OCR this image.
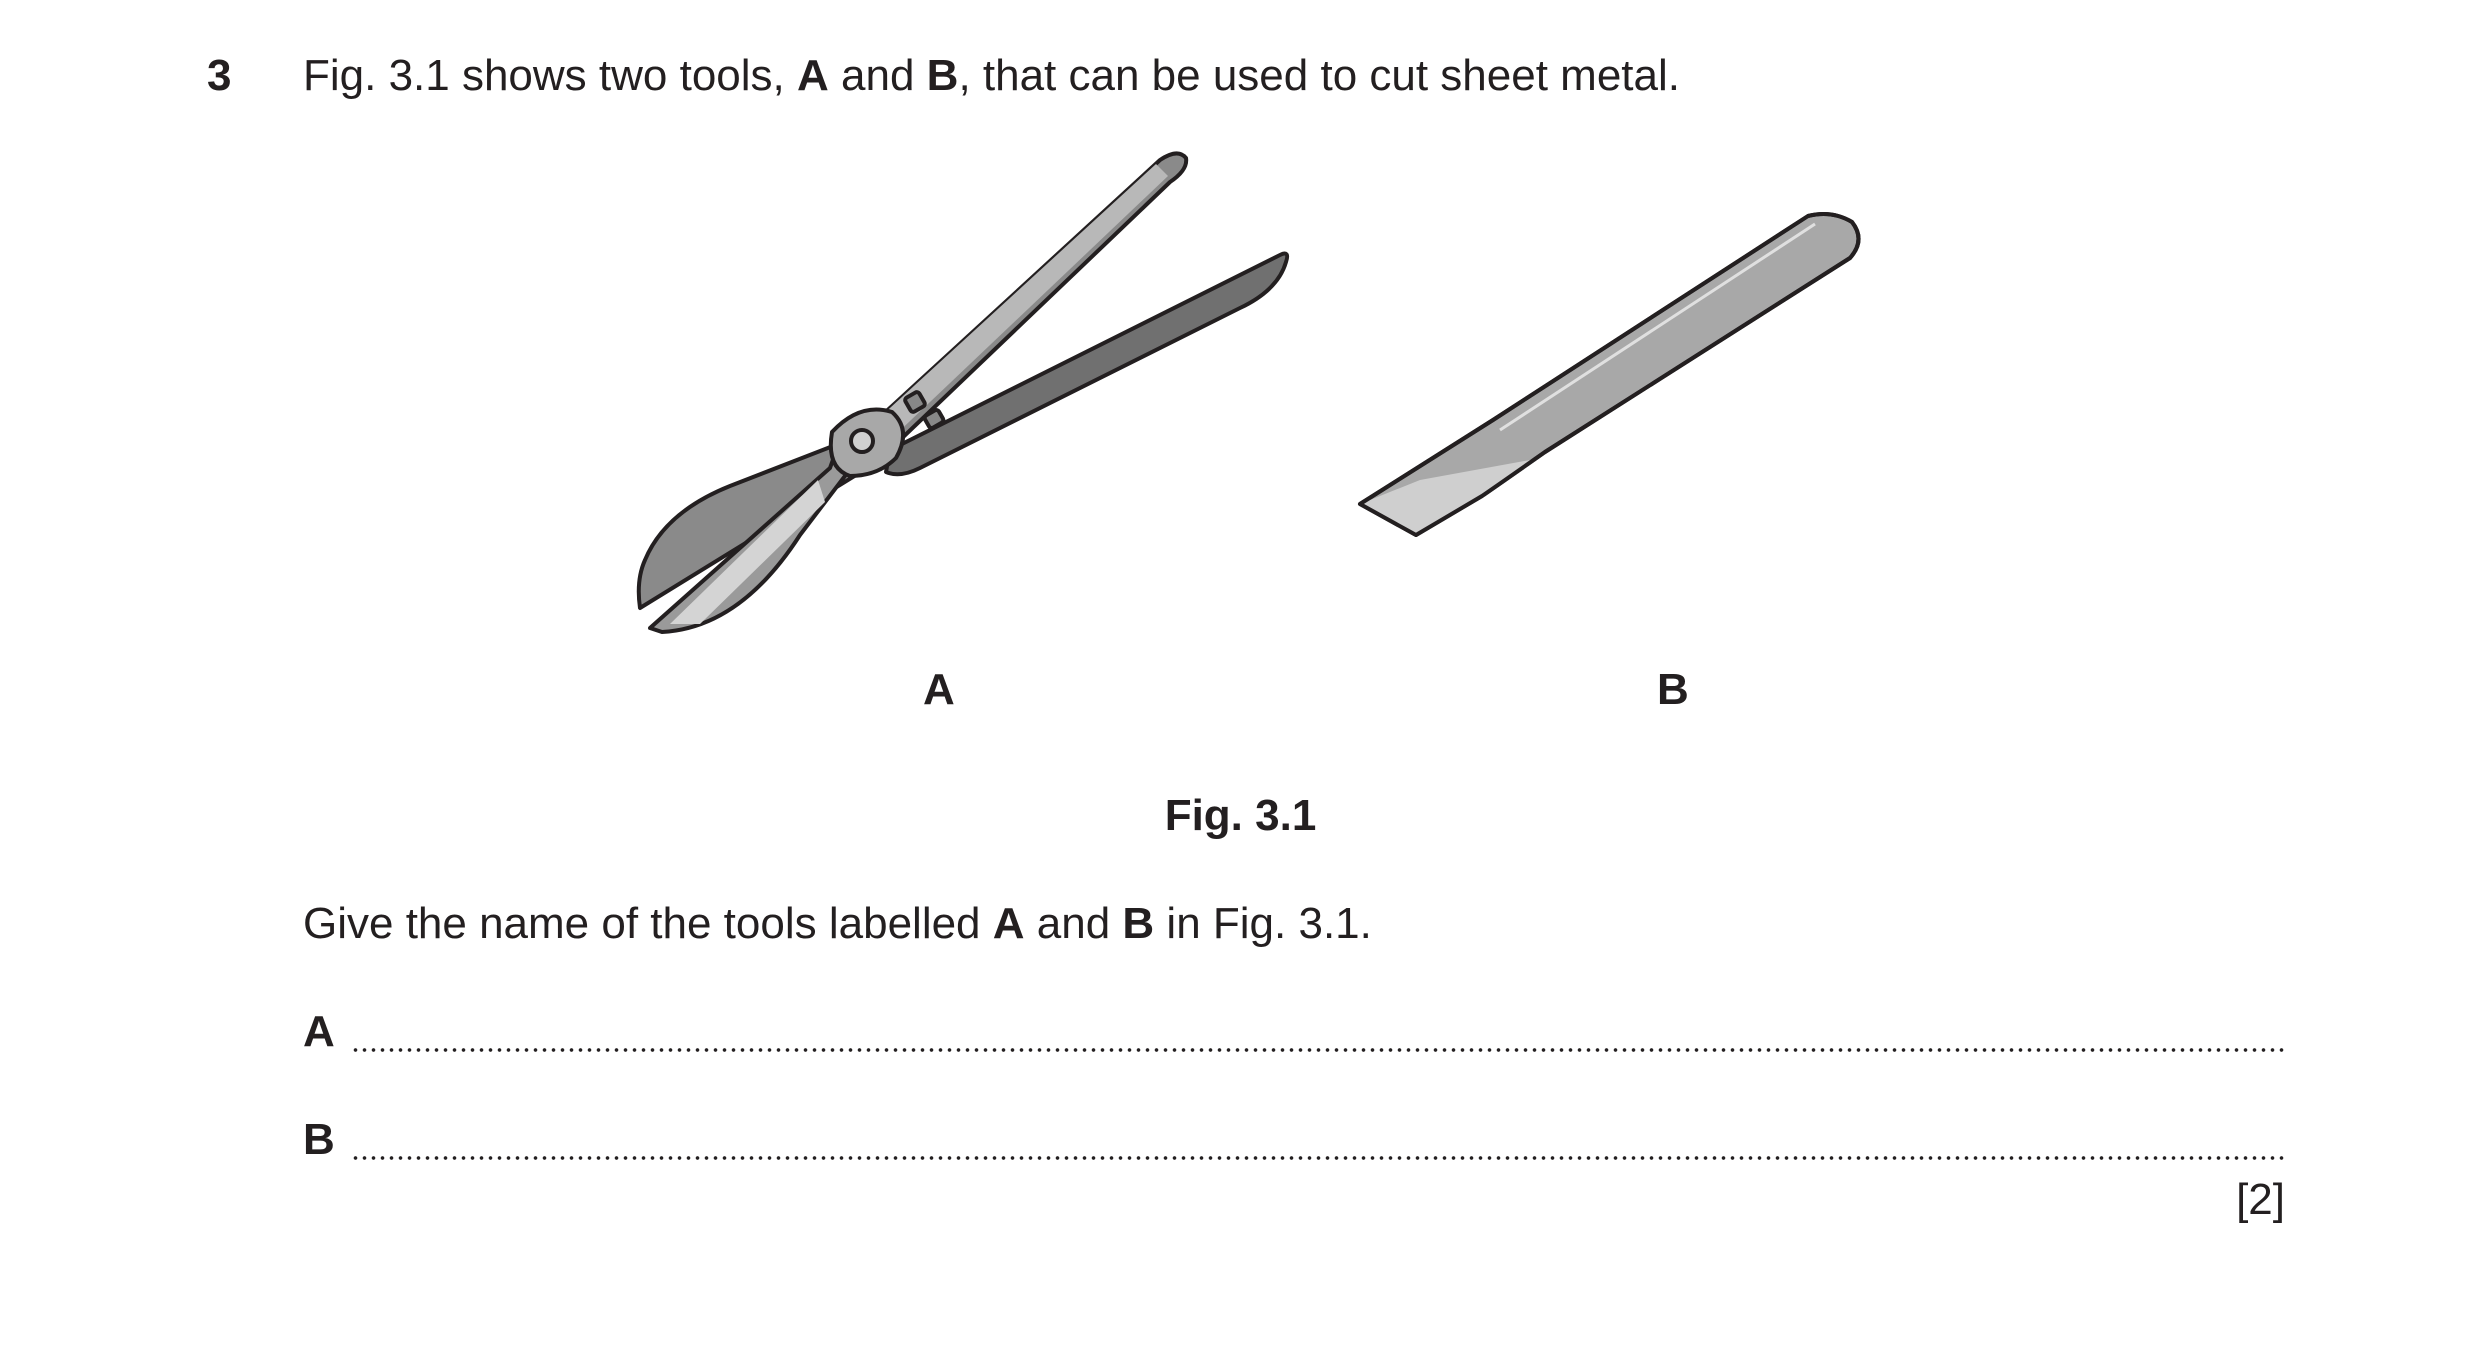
3 Fig. 3.1 shows two tools, A and B, that can be used to cut sheet metal.
A	B
Fig. 3.1
Give the name of the tools labelled A and B in Fig. 3.1.
A
B
[2]
